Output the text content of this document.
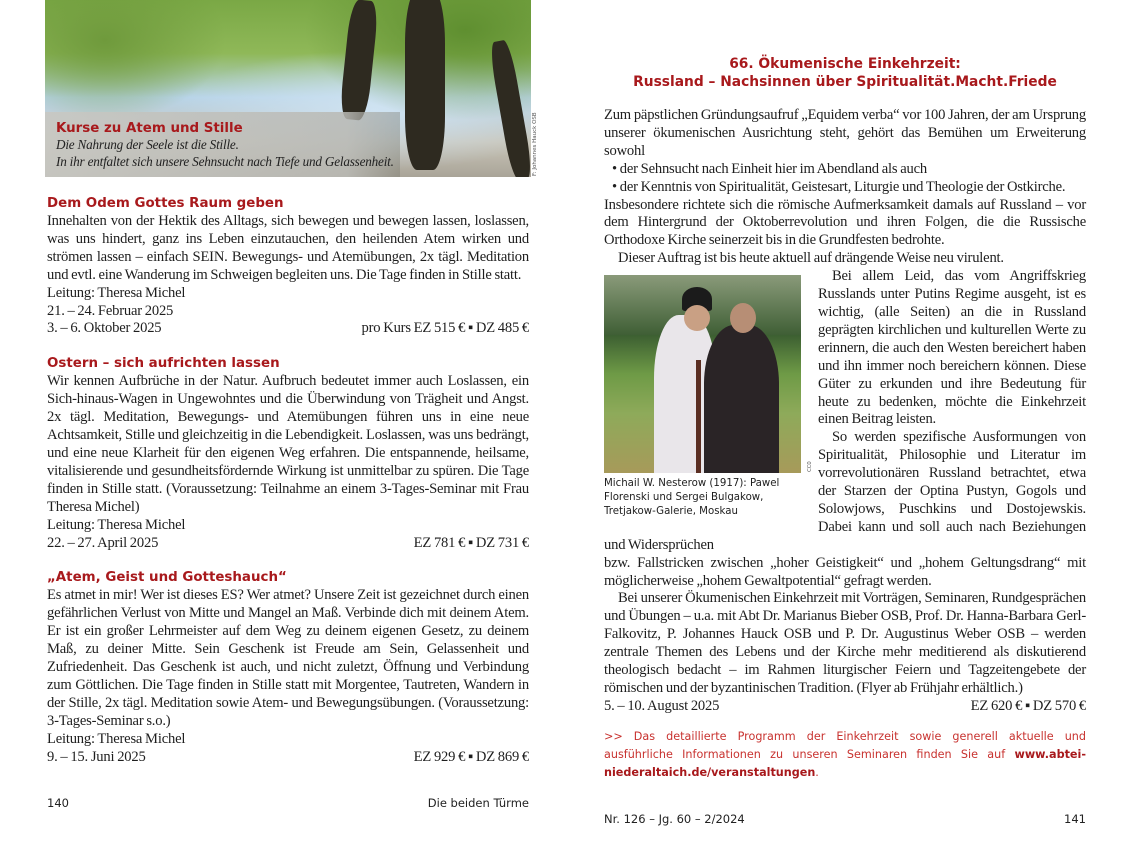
Kurse zu Atem und Stille
Die Nahrung der Seele ist die Stille.
In ihr entfaltet sich unsere Sehnsucht nach Tiefe und Gelassenheit.	F: Johannes Hauck OSB
Dem Odem Gottes Raum geben

Innehalten von der Hektik des Alltags, sich bewegen und bewegen lassen, loslassen, was uns hindert, ganz ins Leben einzutauchen, den heilenden Atem wirken und strömen lassen – einfach SEIN. Bewegungs- und Atemübungen, 2x tägl. Meditation und evtl. eine Wanderung im Schweigen begleiten uns. Die Tage finden in Stille statt.

Leitung: Theresa Michel
21. – 24. Februar 2025
3. – 6. Oktober 2025	pro Kurs EZ 515 € ▪ DZ 485 €
Ostern – sich aufrichten lassen

Wir kennen Aufbrüche in der Natur. Aufbruch bedeutet immer auch Loslassen, ein Sich-hinaus-Wagen in Ungewohntes und die Überwindung von Trägheit und Angst. 2x tägl. Meditation, Bewegungs- und Atemübungen führen uns in eine neue Achtsamkeit, Stille und gleichzeitig in die Lebendigkeit. Loslassen, was uns bedrängt, und eine neue Klarheit für den eigenen Weg erfahren. Die entspannende, heilsame, vitalisierende und gesundheitsfördernde Wirkung ist unmittelbar zu spüren. Die Tage finden in Stille statt. (Voraussetzung: Teilnahme an einem 3-Tages-Seminar mit Frau Theresa Michel)

Leitung: Theresa Michel
22. – 27. April 2025	EZ 781 € ▪ DZ 731 €
„Atem, Geist und Gotteshauch“

Es atmet in mir! Wer ist dieses ES? Wer atmet? Unsere Zeit ist gezeichnet durch einen gefährlichen Verlust von Mitte und Mangel an Maß. Verbinde dich mit deinem Atem. Er ist ein großer Lehrmeister auf dem Weg zu deinem eigenen Gesetz, zu deinem Maß, zu deiner Mitte. Sein Geschenk ist Freude am Sein, Gelassenheit und Zufriedenheit. Das Geschenk ist auch, und nicht zuletzt, Öffnung und Verbindung zum Göttlichen. Die Tage finden in Stille statt mit Morgentee, Tautreten, Wandern in der Stille, 2x tägl. Meditation sowie Atem- und Bewegungsübungen. (Voraussetzung: 3-Tages-Seminar s.o.)

Leitung: Theresa Michel
9. – 15. Juni 2025	EZ 929 € ▪ DZ 869 €
140	Die beiden Türme
66. Ökumenische Einkehrzeit:
Russland – Nachsinnen über Spiritualität.Macht.Friede

Zum päpstlichen Gründungsaufruf „Equidem verba“ vor 100 Jahren, der am Ursprung unserer ökumenischen Ausrichtung steht, gehört das Bemühen um Erweiterung sowohl

• der Sehnsucht nach Einheit hier im Abendland als auch
• der Kenntnis von Spiritualität, Geistesart, Liturgie und Theologie der Ostkirche.

Insbesondere richtete sich die römische Aufmerksamkeit damals auf Russland – vor dem Hintergrund der Oktoberrevolution und ihren Folgen, die die Russische Orthodoxe Kirche seinerzeit bis in die Grundfesten bedrohte.

Dieser Auftrag ist bis heute aktuell auf drängende Weise neu virulent.

CC0
Michail W. Nesterow (1917): Pawel Florenski und Sergei Bulgakow, Tretjakow-Galerie, Moskau

Bei allem Leid, das vom Angriffskrieg Russlands unter Putins Regime ausgeht, ist es wichtig, (alle Seiten) an die in Russland geprägten kirchlichen und kulturellen Werte zu erinnern, die auch den Westen bereichert haben und ihn immer noch bereichern können. Diese Güter zu erkunden und ihre Bedeutung für heute zu bedenken, möchte die Einkehrzeit einen Beitrag leisten.

So werden spezifische Ausformungen von Spiritualität, Philosophie und Literatur im vorrevolutionären Russland betrachtet, etwa der Starzen der Optina Pustyn, Gogols und Solowjows, Puschkins und Dostojewskis. Dabei kann und soll auch nach Beziehungen und Widersprüchen

bzw. Fallstricken zwischen „hoher Geistigkeit“ und „hohem Geltungsdrang“ mit möglicherweise „hohem Gewaltpotential“ gefragt werden.

Bei unserer Ökumenischen Einkehrzeit mit Vorträgen, Seminaren, Rundgesprächen und Übungen – u.a. mit Abt Dr. Marianus Bieber OSB, Prof. Dr. Hanna-Barbara Gerl-Falkovitz, P. Johannes Hauck OSB und P. Dr. Augustinus Weber OSB – werden zentrale Themen des Lebens und der Kirche mehr meditierend als diskutierend theologisch bedacht – im Rahmen liturgischer Feiern und Tagzeitengebete der römischen und der byzantinischen Tradition. (Flyer ab Frühjahr erhältlich.)

5. – 10. August 2025	EZ 620 € ▪ DZ 570 €
>> Das detaillierte Programm der Einkehrzeit sowie generell aktuelle und ausführliche Informationen zu unseren Seminaren finden Sie auf www.abtei-niederaltaich.de/veranstaltungen.
Nr. 126 – Jg. 60 – 2/2024	141
